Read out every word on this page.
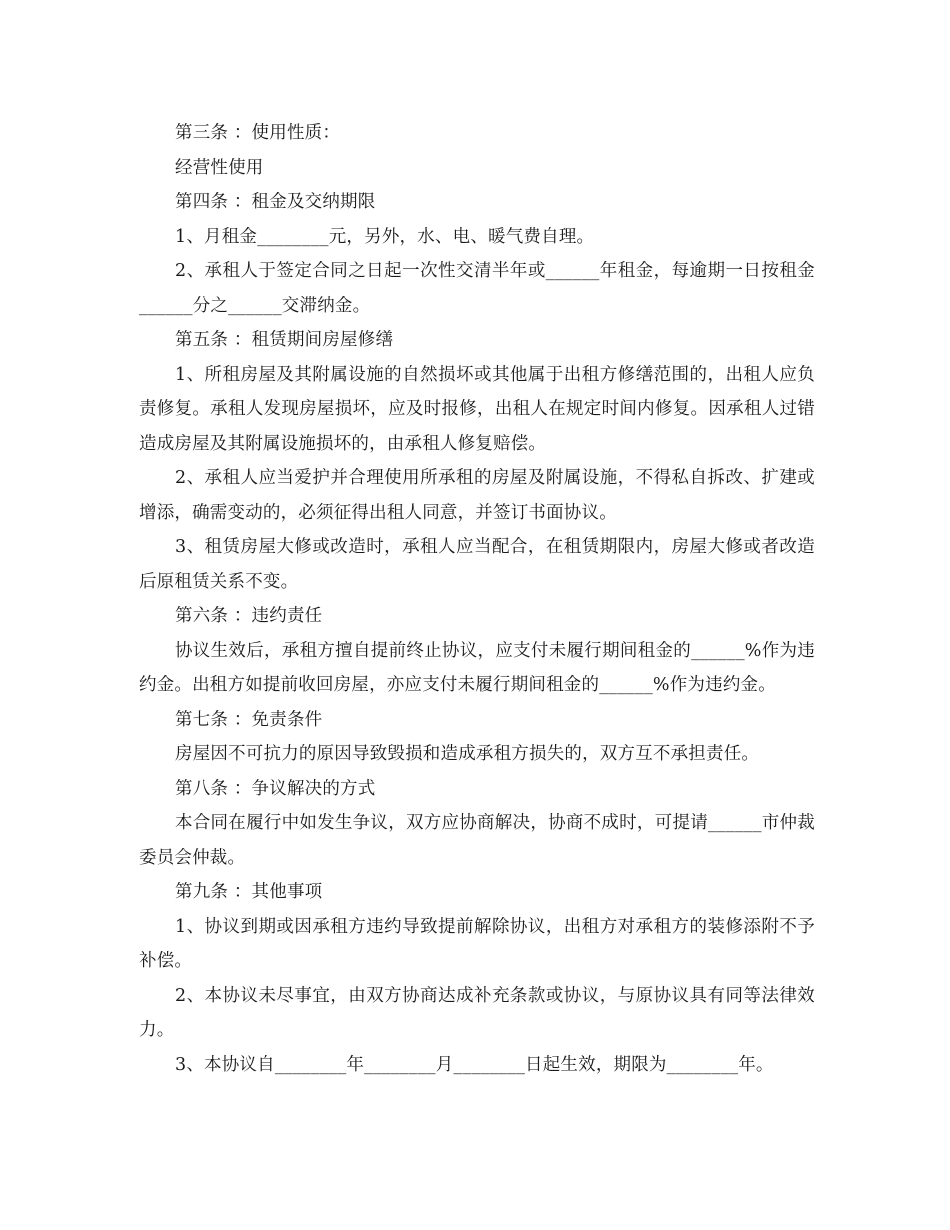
第三条 ：使用性质：

经营性使用

第四条 ：租金及交纳期限

1、月租金________元，另外，水、电、暖气费自理。

2、承租人于签定合同之日起一次性交清半年或______年租金，每逾期一日按租金______分之______交滞纳金。

第五条 ：租赁期间房屋修缮

1、所租房屋及其附属设施的自然损坏或其他属于出租方修缮范围的，出租人应负责修复。承租人发现房屋损坏，应及时报修，出租人在规定时间内修复。因承租人过错造成房屋及其附属设施损坏的，由承租人修复赔偿。

2、承租人应当爱护并合理使用所承租的房屋及附属设施，不得私自拆改、扩建或增添，确需变动的，必须征得出租人同意，并签订书面协议。

3、租赁房屋大修或改造时，承租人应当配合，在租赁期限内，房屋大修或者改造后原租赁关系不变。

第六条 ：违约责任

协议生效后，承租方擅自提前终止协议，应支付未履行期间租金的______%作为违约金。出租方如提前收回房屋，亦应支付未履行期间租金的______%作为违约金。

第七条 ：免责条件

房屋因不可抗力的原因导致毁损和造成承租方损失的，双方互不承担责任。

第八条 ：争议解决的方式

本合同在履行中如发生争议，双方应协商解决，协商不成时，可提请______市仲裁委员会仲裁。

第九条 ：其他事项

1、协议到期或因承租方违约导致提前解除协议，出租方对承租方的装修添附不予补偿。

2、本协议未尽事宜，由双方协商达成补充条款或协议，与原协议具有同等法律效力。

3、本协议自________年________月________日起生效，期限为________年。
